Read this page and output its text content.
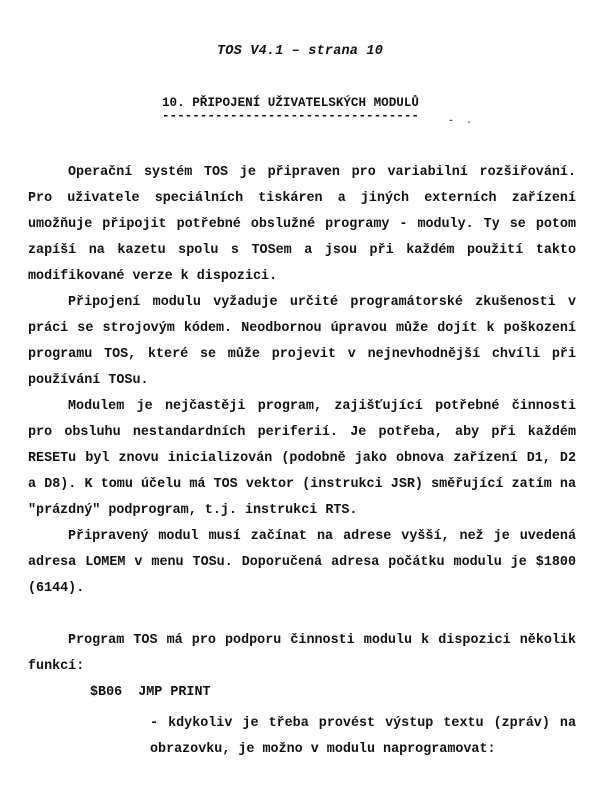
TOS V4.1 – strana 10
10. PŘIPOJENÍ UŽIVATELSKÝCH MODULŮ
----------------------------------	-  .

Operační systém TOS je připraven pro variabilní rozšiřování. Pro uživatele speciálních tiskáren a jiných externích zařízení umožňuje připojit potřebné obslužné programy - moduly. Ty se potom zapíší na kazetu spolu s TOSem a jsou při každém použití takto modifikované verze k dispozici.

Připojení modulu vyžaduje určité programátorské zkušenosti v práci se strojovým kódem. Neodbornou úpravou může dojít k poškození programu TOS, které se může projevit v nejnevhodnější chvíli při používání TOSu.

Modulem je nejčastěji program, zajišťující potřebné činnosti pro obsluhu nestandardních periferií. Je potřeba, aby při každém RESETu byl znovu inicializován (podobně jako obnova zařízení D1, D2 a D8). K tomu účelu má TOS vektor (instrukci JSR) směřující zatím na "prázdný" podprogram, t.j. instrukci RTS.

Připravený modul musí začínat na adrese vyšší, než je uvedená adresa LOMEM v menu TOSu. Doporučená adresa počátku modulu je $1800 (6144).

Program TOS má pro podporu činnosti modulu k dispozici několik funkcí:

$B06  JMP PRINT

- kdykoliv je třeba provést výstup textu (zpráv) na obrazovku, je možno v modulu naprogramovat:
